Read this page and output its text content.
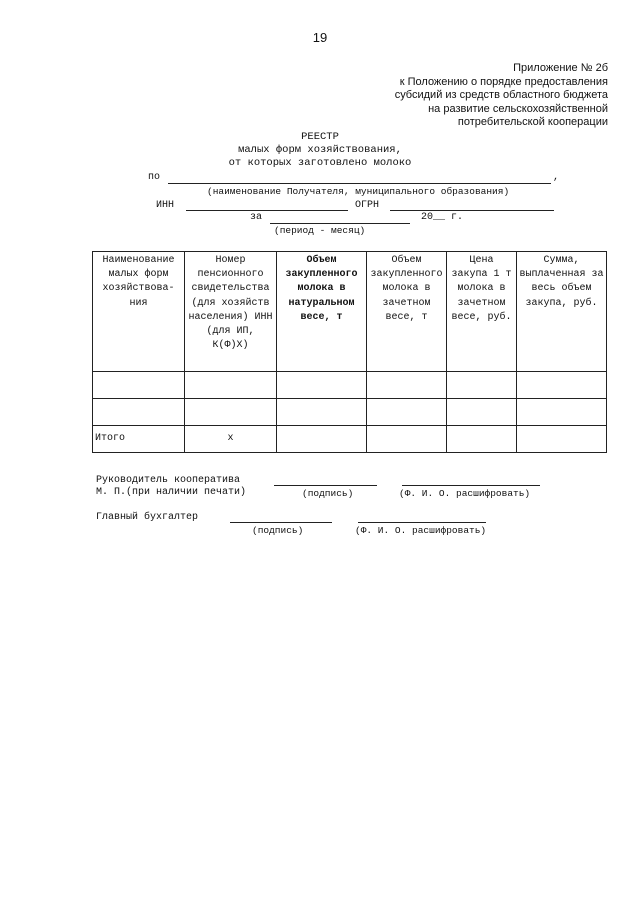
19
Приложение № 2б
к Положению о порядке предоставления
субсидий из средств областного бюджета
на развитие сельскохозяйственной
потребительской кооперации
РЕЕСТР
малых форм хозяйствования,
от которых заготовлено молоко
по	,
(наименование Получателя, муниципального образования)
ИНН	ОГРН
за	20__ г.
(период - месяц)
Наименование малых форм хозяйствова-ния	Номер пенсионного свидетельства (для хозяйств населения) ИНН (для ИП, К(Ф)Х)	Объем закупленного молока в натуральном весе, т	Объем закупленного молока в зачетном весе, т	Цена закупа 1 т молока в зачетном весе, руб.	Сумма, выплаченная за весь объем закупа, руб.

Итого	х				
Руководитель кооператива
М. П.(при наличии печати)	(подпись)	(Ф. И. О. расшифровать)
Главный бухгалтер
(подпись)	(Ф. И. О. расшифровать)
